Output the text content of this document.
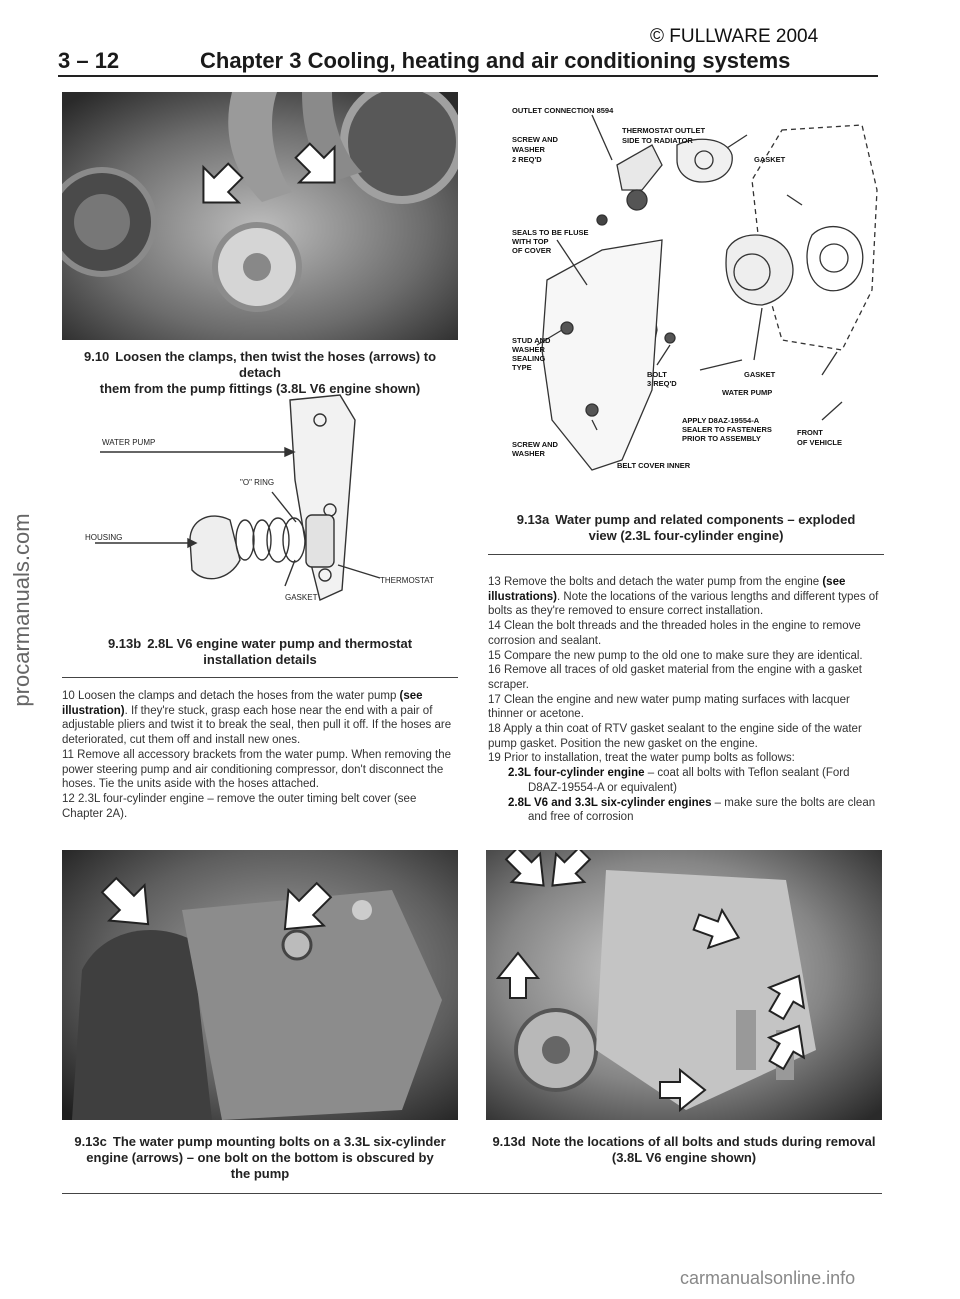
© FULLWARE 2004
3 – 12	Chapter 3 Cooling, heating and air conditioning systems
procarmanuals.com
9.10 Loosen the clamps, then twist the hoses (arrows) to detach
them from the pump fittings (3.8L V6 engine shown)
WATER PUMP
"O" RING
HOUSING
THERMOSTAT
GASKET
9.13b 2.8L V6 engine water pump and thermostat
installation details

10 Loosen the clamps and detach the hoses from the water pump (see illustration). If they're stuck, grasp each hose near the end with a pair of adjustable pliers and twist it to break the seal, then pull it off. If the hoses are deteriorated, cut them off and install new ones.

11 Remove all accessory brackets from the water pump. When removing the power steering pump and air conditioning compressor, don't disconnect the hoses. Tie the units aside with the hoses attached.

12 2.3L four-cylinder engine – remove the outer timing belt cover (see Chapter 2A).

OUTLET CONNECTION 8594
SCREW AND
WASHER
2 REQ'D
THERMOSTAT OUTLET
SIDE TO RADIATOR
GASKET
SEALS TO BE FLUSE
WITH TOP
OF COVER
STUD AND
WASHER
SEALING
TYPE
BOLT
3 REQ'D
GASKET
WATER PUMP
APPLY D8AZ-19554-A
SEALER TO FASTENERS
PRIOR TO ASSEMBLY
FRONT
OF VEHICLE
SCREW AND
WASHER
BELT COVER INNER
9.13a Water pump and related components – exploded
view (2.3L four-cylinder engine)

13 Remove the bolts and detach the water pump from the engine (see illustrations). Note the locations of the various lengths and different types of bolts as they're removed to ensure correct installation.

14 Clean the bolt threads and the threaded holes in the engine to remove corrosion and sealant.

15 Compare the new pump to the old one to make sure they are identical.

16 Remove all traces of old gasket material from the engine with a gasket scraper.

17 Clean the engine and new water pump mating surfaces with lacquer thinner or acetone.

18 Apply a thin coat of RTV gasket sealant to the engine side of the water pump gasket. Position the new gasket on the engine.

19 Prior to installation, treat the water pump bolts as follows:

2.3L four-cylinder engine – coat all bolts with Teflon sealant (Ford D8AZ-19554-A or equivalent)

2.8L V6 and 3.3L six-cylinder engines – make sure the bolts are clean and free of corrosion

9.13c The water pump mounting bolts on a 3.3L six-cylinder
engine (arrows) – one bolt on the bottom is obscured by
the pump
9.13d Note the locations of all bolts and studs during removal
(3.8L V6 engine shown)
carmanualsonline.info
